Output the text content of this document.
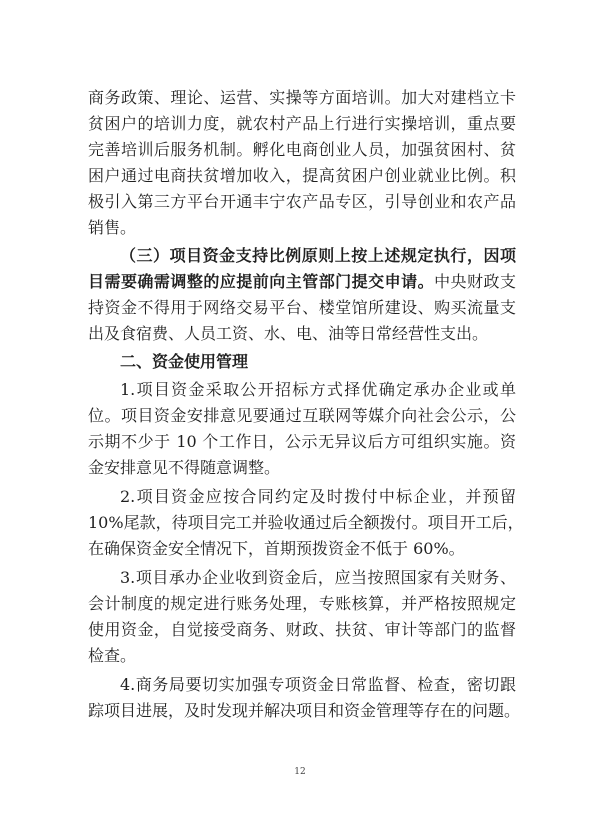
商务政策、理论、运营、实操等方面培训。加大对建档立卡
贫困户的培训力度，就农村产品上行进行实操培训，重点要
完善培训后服务机制。孵化电商创业人员，加强贫困村、贫
困户通过电商扶贫增加收入，提高贫困户创业就业比例。积
极引入第三方平台开通丰宁农产品专区，引导创业和农产品
销售。
（三）项目资金支持比例原则上按上述规定执行，因项
目需要确需调整的应提前向主管部门提交申请。中央财政支
持资金不得用于网络交易平台、楼堂馆所建设、购买流量支
出及食宿费、人员工资、水、电、油等日常经营性支出。
二、资金使用管理
1.项目资金采取公开招标方式择优确定承办企业或单
位。项目资金安排意见要通过互联网等媒介向社会公示，公
示期不少于 10 个工作日，公示无异议后方可组织实施。资
金安排意见不得随意调整。
2.项目资金应按合同约定及时拨付中标企业，并预留
10%尾款，待项目完工并验收通过后全额拨付。项目开工后，
在确保资金安全情况下，首期预拨资金不低于 60%。
3.项目承办企业收到资金后，应当按照国家有关财务、
会计制度的规定进行账务处理，专账核算，并严格按照规定
使用资金，自觉接受商务、财政、扶贫、审计等部门的监督
检查。
4.商务局要切实加强专项资金日常监督、检查，密切跟
踪项目进展，及时发现并解决项目和资金管理等存在的问题。
12
